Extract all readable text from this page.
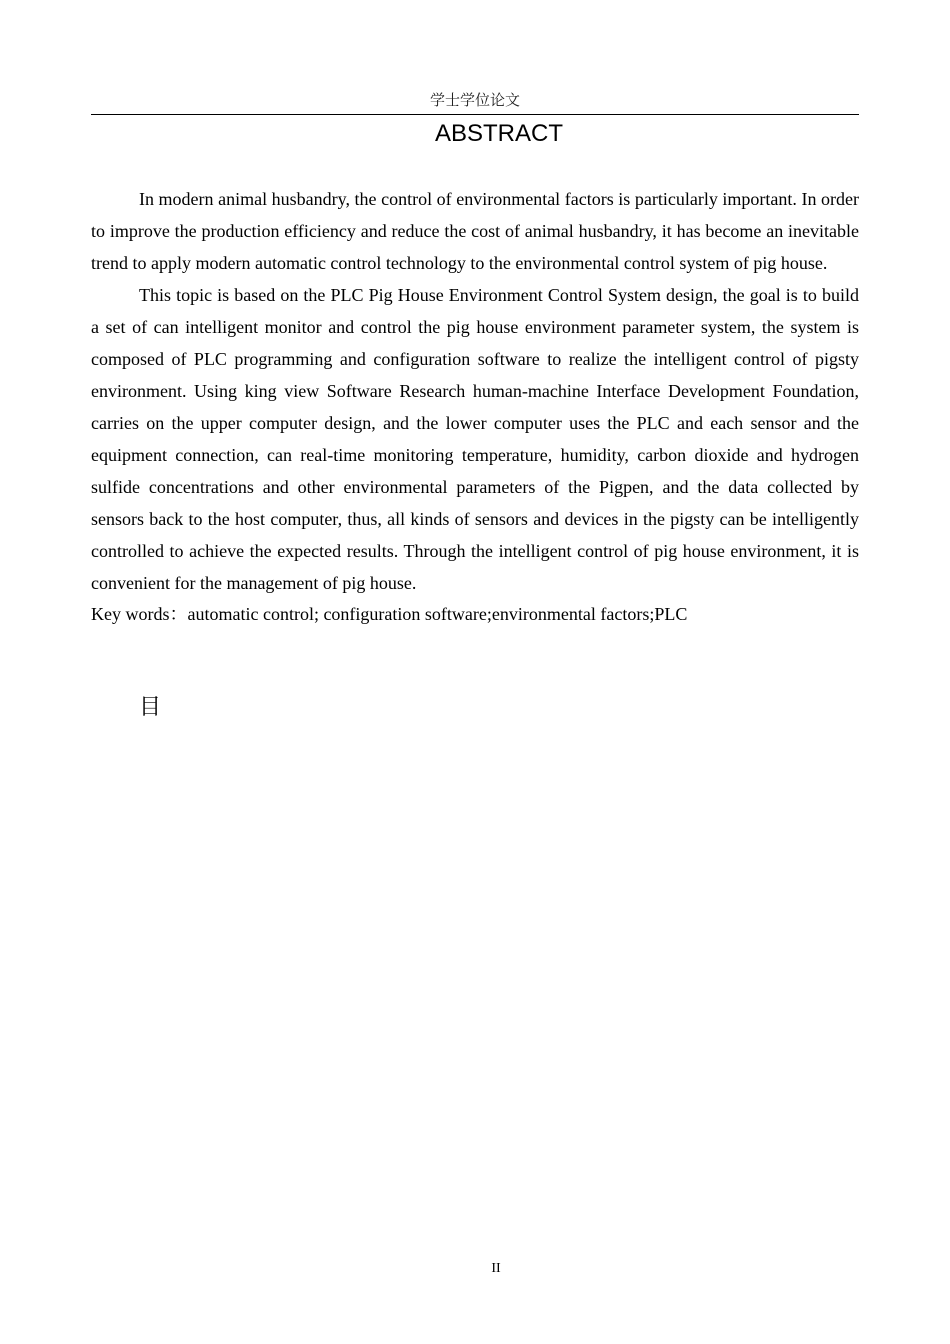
学士学位论文
ABSTRACT

In modern animal husbandry, the control of environmental factors is particularly important. In order to improve the production efficiency and reduce the cost of animal husbandry, it has become an inevitable trend to apply modern automatic control technology to the environmental control system of pig house.

This topic is based on the PLC Pig House Environment Control System design, the goal is to build a set of can intelligent monitor and control the pig house environment parameter system, the system is composed of PLC programming and configuration software to realize the intelligent control of pigsty environment. Using king view Software Research human-machine Interface Development Foundation, carries on the upper computer design, and the lower computer uses the PLC and each sensor and the equipment connection, can real-time monitoring temperature, humidity, carbon dioxide and hydrogen sulfide concentrations and other environmental parameters of the Pigpen, and the data collected by sensors back to the host computer, thus, all kinds of sensors and devices in the pigsty can be intelligently controlled to achieve the expected results. Through the intelligent control of pig house environment, it is convenient for the management of pig house.

Key words：automatic control; configuration software;environmental factors;PLC

目
II
